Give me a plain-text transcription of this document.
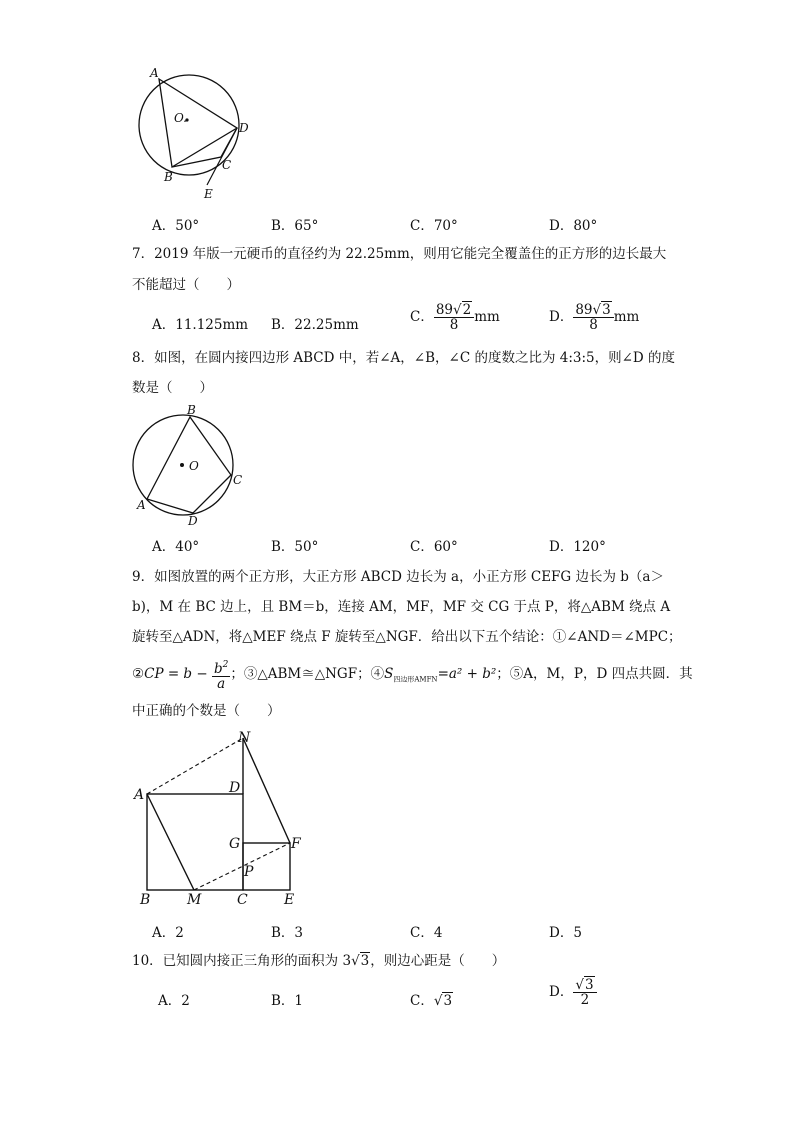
A
O.
D
B
C
E
A．50°	B．65°	C．70°	D．80°
7．2019 年版一元硬币的直径约为 22.25mm，则用它能完全覆盖住的正方形的边长最大
不能超过（　　）
A．11.125mm B．22.25mm	C． $\frac{89√2}{8}$ mm	D． $\frac{89√3}{8}$ mm
8．如图，在圆内接四边形 ABCD 中，若∠A，∠B，∠C 的度数之比为 4:3:5，则∠D 的度
数是（　　）
B
O
C
A
D
A．40°	B．50°	C．60°	D．120°
9．如图放置的两个正方形，大正方形 ABCD 边长为 a，小正方形 CEFG 边长为 b（a＞
b)，M 在 BC 边上，且 BM＝b，连接 AM，MF，MF 交 CG 于点 P，将△ABM 绕点 A
旋转至△ADN，将△MEF 绕点 F 旋转至△NGF．给出以下五个结论：①∠AND＝∠MPC；
②CP = $b - \frac{b^2}{a}$ ；③△ABM≅△NGF；$④S_{四边形AMFN}=a^2 + b^2$；⑤A，M，P，D 四点共圆．其
中正确的个数是（　　）
N
A	D
G	F
P
B	M	C	E
A．2	B．3	C．4	D．5
10．已知圆内接正三角形的面积为 3√3，则边心距是（　　）
A．2	B．1	C．√3
D． $\frac{√3}{2}$
